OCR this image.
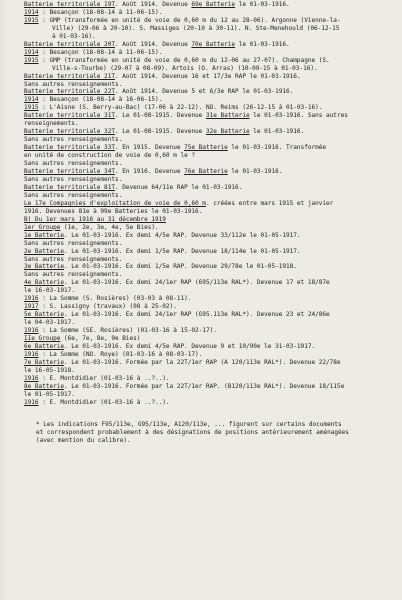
Batterie territoriale 19T. Août 1914. Devenue 69e Batterie le 01-03-1916.
1914 : Besançon (18-08-14 à 11-06-15).
1915 : GMP (transformée en unité de voie de 0,60 m du 12 au 28-06). Argonne (Vienne-la-
Ville) (29-06 à 20-10). S. Massiges (20-10 à 30-11). N. Ste-Menehould (06-12-15
à 01-03-16).
Batterie territoriale 20T. Août 1914. Devenue 70e Batterie le 01-03-1916.
1914 : Besançon (18-08-14 à 11-06-15).
1915 : GMP (transformée en unité de voie de 0,60 m du 12-06 au 27-07). Champagne (S.
Ville-s-Tourbe) (29-07 à 08-09). Artois (O. Arras) (10-09-15 à 01-03-16).
Batterie territoriale 21T. Août 1914. Devenue 16 et 17/3e RAP le 01-03-1916.
Sans autres renseignements.
Batterie territoriale 22T. Août 1914. Devenue 5 et 6/3e RAP le 01-03-1916.
1914 : Besançon (18-08-14 à 16-06-15).
1915 : L'Aisne (S. Berry-au-Bac) (17-06 à 22-12). NO. Reims (26-12-15 à 01-03-16).
Batterie territoriale 31T. Le 01-08-1915. Devenue 31e Batterie le 01-03-1916. Sans autres
renseignements.
Batterie territoriale 32T. Le 01-08-1915. Devenue 32e Batterie le 01-03-1916.
Sans autres renseignements.
Batterie territoriale 33T. En 1915. Devenue 75e Batterie le 01-03-1916. Transformée
en unité de construction de voie de 0,60 m le ?
Sans autres renseignements.
Batterie territoriale 34T. En 1916. Devenue 76e Batterie le 01-03-1916.
Sans autres renseignements.
Batterie territoriale 81T. Devenue 64/11e RAP le 01-03-1916.
Sans autres renseignements.
Le 17e Compagnies d'exploitation de voie de 0,60 m. créées entre mars 1915 et janvier
1916. Devenues 81e à 99e Batteries le 01-03-1916.
B) Du 1er mars 1916 au 31 décembre 1919
1er Groupe (1e, 2e, 3e, 4e, 5e Bies).
1e Batterie. Le 01-03-1916. Ex demi 4/5e RAP. Devenue 33/112e le 01-05-1917.
Sans autres renseignements.
2e Batterie. Le 01-03-1916. Ex demi 1/5e RAP. Devenue 18/114e le 01-05-1917.
Sans autres renseignements.
3e Batterie. Le 01-03-1916. Ex demi 1/5e RAP. Devenue 29/78e le 01-05-1918.
Sans autres renseignements.
4e Batterie. Le 01-03-1916. Ex demi 24/1er RAP (695/113e RAL*). Devenue 17 et 18/87e
le 16-03-1917.
1916 : La Somme (S. Rosières) (03-03 à 08-11).
1917 : S. Lassigny (travaux) (08 à 25-02).
5e Batterie. Le 01-03-1916. Ex demi 24/1er RAP (G95.113e RAL*). Devenue 23 et 24/86e
le 04-03-1917.
1916 : La Somme (SE. Rosières) (01-03-16 à 15-02-17).
IIe Groupe (6e, 7e, 8e, 9e Bies)
6e Batterie. Le 01-03-1916. Ex demi 4/5e RAP. Devenue 9 et 10/90e le 31-03-1917.
1916 : La Somme (NO. Roye) (01-03-16 à 08-03-17).
7e Batterie. Le 01-03-1916. Formée par la 22T/1er RAP (A 120/113e RAL*). Devenue 22/78e
le 16-05-1918.
1916 : E. Montdidier (01-03-16 à ..?..).
8e Batterie. Le 01-03-1916. Formée par la 22T/1er RAP. (B120/113e RAL*). Devenue 18/115e
le 01-05-1917.
1916 : E. Montdidier (01-03-16 à ..?..).
* Les indications F95/113e, G95/113e, A120/113e, ... figurent sur certains documents
et correspondent probablement à des désignations de positions antérieurement aménagées
(avec mention du calibre).
